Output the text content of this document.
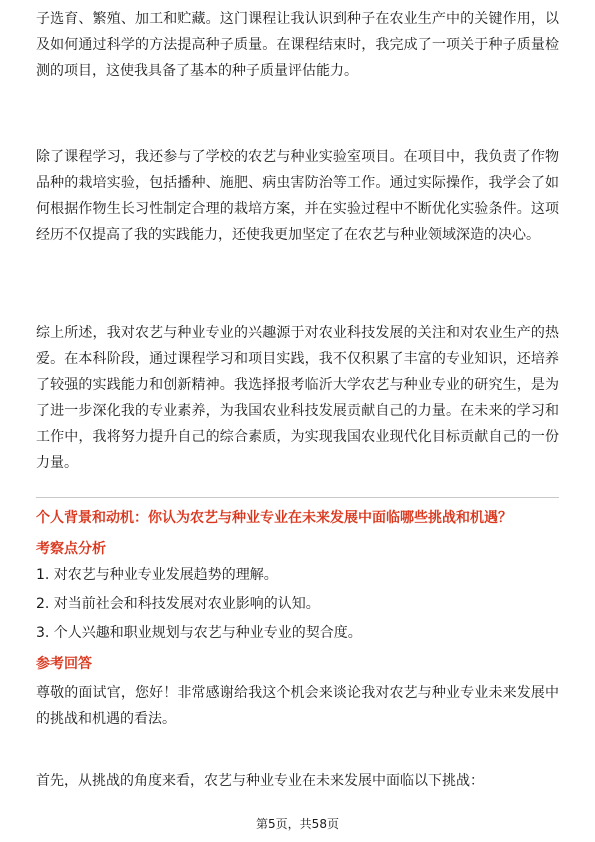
子选育、繁殖、加工和贮藏。这门课程让我认识到种子在农业生产中的关键作用，以及如何通过科学的方法提高种子质量。在课程结束时，我完成了一项关于种子质量检测的项目，这使我具备了基本的种子质量评估能力。

除了课程学习，我还参与了学校的农艺与种业实验室项目。在项目中，我负责了作物品种的栽培实验，包括播种、施肥、病虫害防治等工作。通过实际操作，我学会了如何根据作物生长习性制定合理的栽培方案，并在实验过程中不断优化实验条件。这项经历不仅提高了我的实践能力，还使我更加坚定了在农艺与种业领域深造的决心。

综上所述，我对农艺与种业专业的兴趣源于对农业科技发展的关注和对农业生产的热爱。在本科阶段，通过课程学习和项目实践，我不仅积累了丰富的专业知识，还培养了较强的实践能力和创新精神。我选择报考临沂大学农艺与种业专业的研究生，是为了进一步深化我的专业素养，为我国农业科技发展贡献自己的力量。在未来的学习和工作中，我将努力提升自己的综合素质，为实现我国农业现代化目标贡献自己的一份力量。

个人背景和动机：你认为农艺与种业专业在未来发展中面临哪些挑战和机遇？

考察点分析

1. 对农艺与种业专业发展趋势的理解。

2. 对当前社会和科技发展对农业影响的认知。

3. 个人兴趣和职业规划与农艺与种业专业的契合度。

参考回答

尊敬的面试官，您好！非常感谢给我这个机会来谈论我对农艺与种业专业未来发展中的挑战和机遇的看法。

首先，从挑战的角度来看，农艺与种业专业在未来发展中面临以下挑战：

第5页，共58页
